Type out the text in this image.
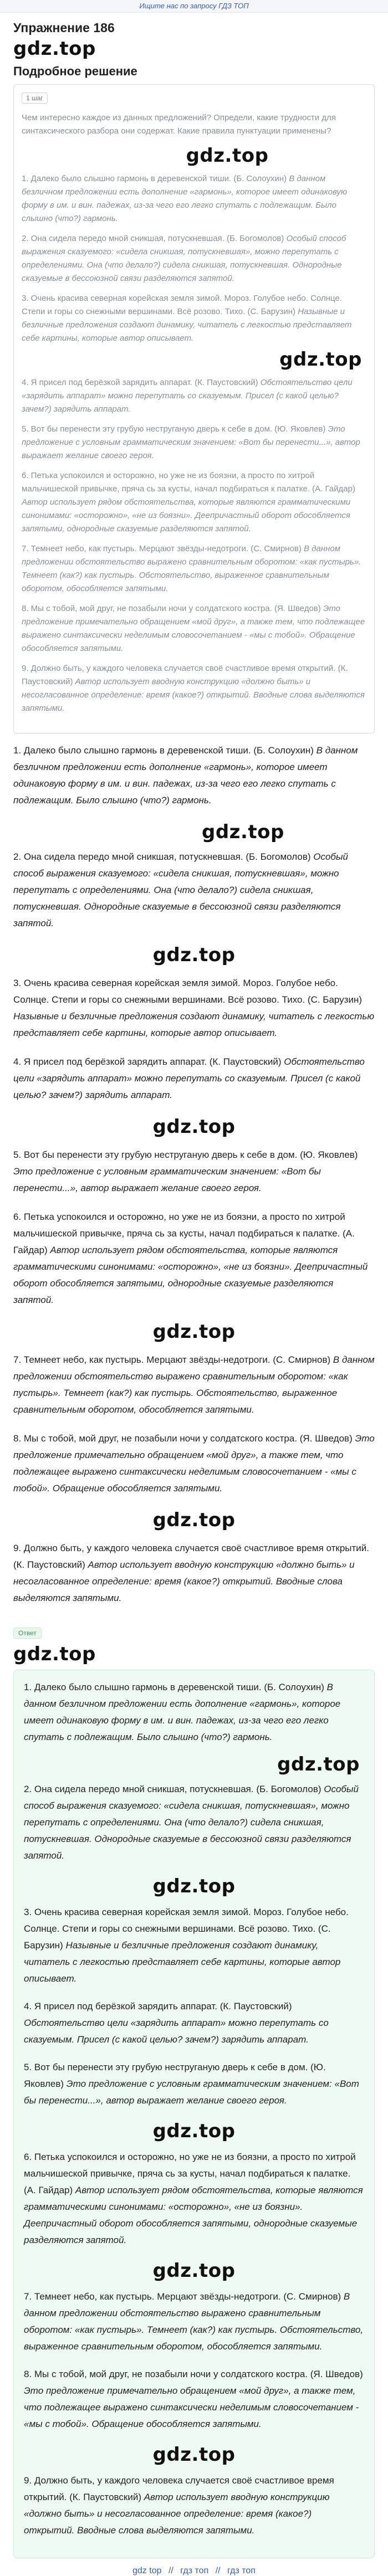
Ищите нас по запросу ГДЗ ТОП
Упражнение 186
gdz.top
Подробное решение
1 шаг

Чем интересно каждое из данных предложений? Определи, какие трудности для синтаксического разбора они содержат. Какие правила пунктуации применены?

gdz.top

1. Далеко было слышно гармонь в деревенской тиши. (Б. Солоухин) В данном безличном предложении есть дополнение «гармонь», которое имеет одинаковую форму в им. и вин. падежах, из-за чего его легко спутать с подлежащим. Было слышно (что?) гармонь.

2. Она сидела передо мной сникшая, потускневшая. (Б. Богомолов) Особый способ выражения сказуемого: «сидела сникшая, потускневшая», можно перепутать с определениями. Она (что делало?) сидела сникшая, потускневшая. Однородные сказуемые в бессоюзной связи разделяются запятой.

3. Очень красива северная корейская земля зимой. Мороз. Голубое небо. Солнце. Степи и горы со снежными вершинами. Всё розово. Тихо. (С. Барузин) Назывные и безличные предложения создают динамику, читатель с легкостью представляет себе картины, которые автор описывает.

gdz.top

4. Я присел под берёзкой зарядить аппарат. (К. Паустовский) Обстоятельство цели «зарядить аппарат» можно перепутать со сказуемым. Присел (с какой целью? зачем?) зарядить аппарат.

5. Вот бы перенести эту грубую неструганую дверь к себе в дом. (Ю. Яковлев) Это предложение с условным грамматическим значением: «Вот бы перенести...», автор выражает желание своего героя.

6. Петька успокоился и осторожно, но уже не из боязни, а просто по хитрой мальчишеской привычке, пряча сь за кусты, начал подбираться к палатке. (А. Гайдар) Автор использует рядом обстоятельства, которые являются грамматическими синонимами: «осторожно», «не из боязни». Деепричастный оборот обособляется запятыми, однородные сказуемые разделяются запятой.

7. Темнеет небо, как пустырь. Мерцают звёзды-недотроги. (С. Смирнов) В данном предложении обстоятельство выражено сравнительным оборотом: «как пустырь». Темнеет (как?) как пустырь. Обстоятельство, выраженное сравнительным оборотом, обособляется запятыми.

8. Мы с тобой, мой друг, не позабыли ночи у солдатского костра. (Я. Шведов) Это предложение примечательно обращением «мой друг», а также тем, что подлежащее выражено синтаксически неделимым словосочетанием - «мы с тобой». Обращение обособляется запятыми.

9. Должно быть, у каждого человека случается своё счастливое время открытий. (К. Паустовский) Автор использует вводную конструкцию «должно быть» и несогласованное определение: время (какое?) открытий. Вводные слова выделяются запятыми.

1. Далеко было слышно гармонь в деревенской тиши. (Б. Солоухин) В данном безличном предложении есть дополнение «гармонь», которое имеет одинаковую форму в им. и вин. падежах, из-за чего его легко спутать с подлежащим. Было слышно (что?) гармонь.

gdz.top

2. Она сидела передо мной сникшая, потускневшая. (Б. Богомолов) Особый способ выражения сказуемого: «сидела сникшая, потускневшая», можно перепутать с определениями. Она (что делало?) сидела сникшая, потускневшая. Однородные сказуемые в бессоюзной связи разделяются запятой.

gdz.top

3. Очень красива северная корейская земля зимой. Мороз. Голубое небо. Солнце. Степи и горы со снежными вершинами. Всё розово. Тихо. (С. Барузин) Назывные и безличные предложения создают динамику, читатель с легкостью представляет себе картины, которые автор описывает.

4. Я присел под берёзкой зарядить аппарат. (К. Паустовский) Обстоятельство цели «зарядить аппарат» можно перепутать со сказуемым. Присел (с какой целью? зачем?) зарядить аппарат.

gdz.top

5. Вот бы перенести эту грубую неструганую дверь к себе в дом. (Ю. Яковлев) Это предложение с условным грамматическим значением: «Вот бы перенести...», автор выражает желание своего героя.

6. Петька успокоился и осторожно, но уже не из боязни, а просто по хитрой мальчишеской привычке, пряча сь за кусты, начал подбираться к палатке. (А. Гайдар) Автор использует рядом обстоятельства, которые являются грамматическими синонимами: «осторожно», «не из боязни». Деепричастный оборот обособляется запятыми, однородные сказуемые разделяются запятой.

gdz.top

7. Темнеет небо, как пустырь. Мерцают звёзды-недотроги. (С. Смирнов) В данном предложении обстоятельство выражено сравнительным оборотом: «как пустырь». Темнеет (как?) как пустырь. Обстоятельство, выраженное сравнительным оборотом, обособляется запятыми.

8. Мы с тобой, мой друг, не позабыли ночи у солдатского костра. (Я. Шведов) Это предложение примечательно обращением «мой друг», а также тем, что подлежащее выражено синтаксически неделимым словосочетанием - «мы с тобой». Обращение обособляется запятыми.

gdz.top

9. Должно быть, у каждого человека случается своё счастливое время открытий. (К. Паустовский) Автор использует вводную конструкцию «должно быть» и несогласованное определение: время (какое?) открытий. Вводные слова выделяются запятыми.

Ответ
gdz.top

1. Далеко было слышно гармонь в деревенской тиши. (Б. Солоухин) В данном безличном предложении есть дополнение «гармонь», которое имеет одинаковую форму в им. и вин. падежах, из-за чего его легко спутать с подлежащим. Было слышно (что?) гармонь.

gdz.top

2. Она сидела передо мной сникшая, потускневшая. (Б. Богомолов) Особый способ выражения сказуемого: «сидела сникшая, потускневшая», можно перепутать с определениями. Она (что делало?) сидела сникшая, потускневшая. Однородные сказуемые в бессоюзной связи разделяются запятой.

gdz.top

3. Очень красива северная корейская земля зимой. Мороз. Голубое небо. Солнце. Степи и горы со снежными вершинами. Всё розово. Тихо. (С. Барузин) Назывные и безличные предложения создают динамику, читатель с легкостью представляет себе картины, которые автор описывает.

4. Я присел под берёзкой зарядить аппарат. (К. Паустовский) Обстоятельство цели «зарядить аппарат» можно перепутать со сказуемым. Присел (с какой целью? зачем?) зарядить аппарат.

5. Вот бы перенести эту грубую неструганую дверь к себе в дом. (Ю. Яковлев) Это предложение с условным грамматическим значением: «Вот бы перенести...», автор выражает желание своего героя.

gdz.top

6. Петька успокоился и осторожно, но уже не из боязни, а просто по хитрой мальчишеской привычке, пряча сь за кусты, начал подбираться к палатке. (А. Гайдар) Автор использует рядом обстоятельства, которые являются грамматическими синонимами: «осторожно», «не из боязни». Деепричастный оборот обособляется запятыми, однородные сказуемые разделяются запятой.

gdz.top

7. Темнеет небо, как пустырь. Мерцают звёзды-недотроги. (С. Смирнов) В данном предложении обстоятельство выражено сравнительным оборотом: «как пустырь». Темнеет (как?) как пустырь. Обстоятельство, выраженное сравнительным оборотом, обособляется запятыми.

8. Мы с тобой, мой друг, не позабыли ночи у солдатского костра. (Я. Шведов) Это предложение примечательно обращением «мой друг», а также тем, что подлежащее выражено синтаксически неделимым словосочетанием - «мы с тобой». Обращение обособляется запятыми.

gdz.top

9. Должно быть, у каждого человека случается своё счастливое время открытий. (К. Паустовский) Автор использует вводную конструкцию «должно быть» и несогласованное определение: время (какое?) открытий. Вводные слова выделяются запятыми.

gdz top // гдз топ // гдз топ
